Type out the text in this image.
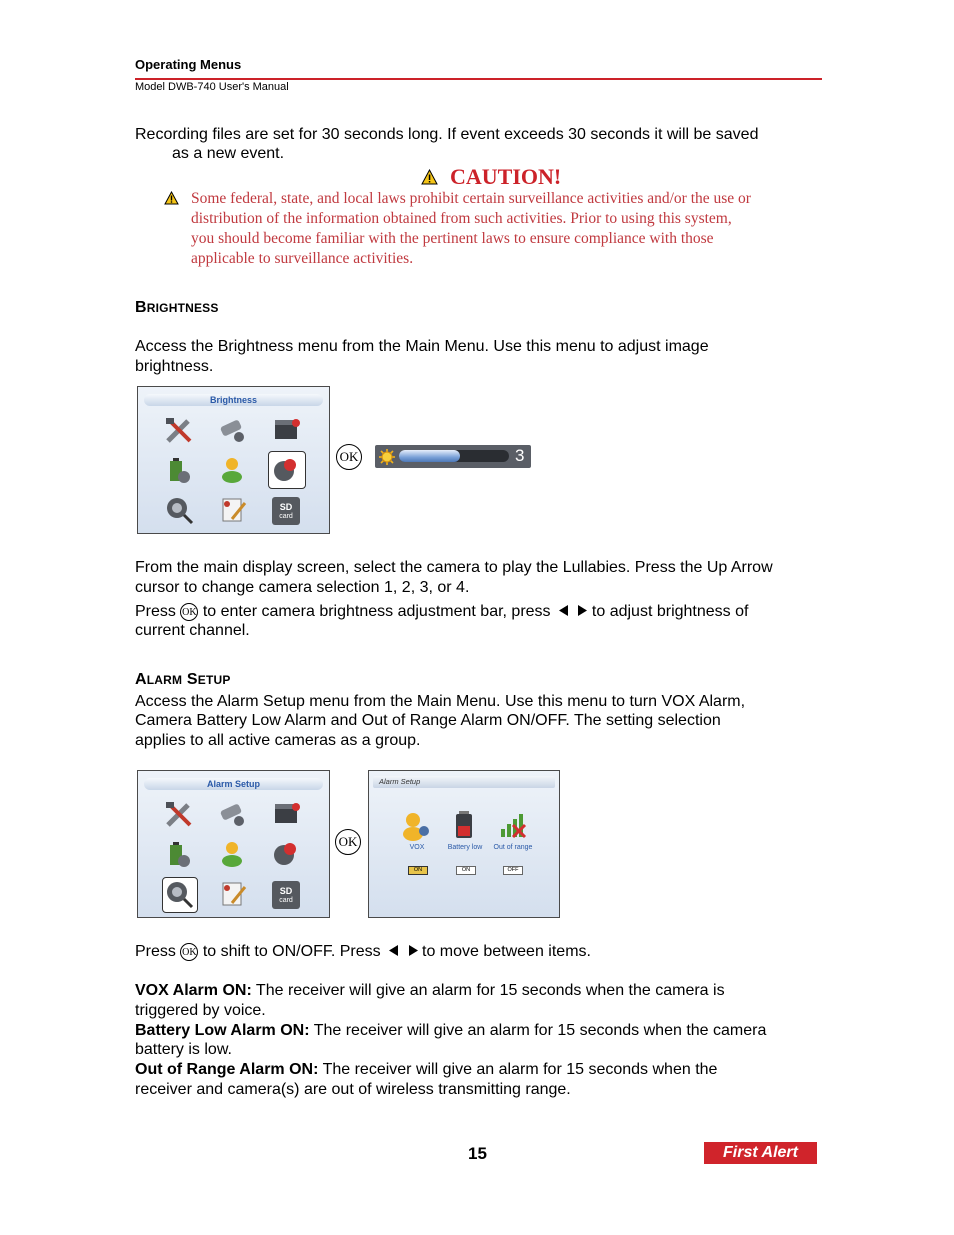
Operating Menus
Model DWB-740 User's Manual
Recording files are set for 30 seconds long. If event exceeds 30 seconds it will be saved
as a new event.
CAUTION!
Some federal, state, and local laws prohibit certain surveillance activities and/or the use or
distribution of the information obtained from such activities. Prior to using this system,
you should become familiar with the pertinent laws to ensure compliance with those
applicable to surveillance activities.
BRIGHTNESS
Access the Brightness menu from the Main Menu. Use this menu to adjust image
brightness.
Brightness
SD
card
OK	3
From the main display screen, select the camera to play the Lullabies. Press the Up Arrow
cursor to change camera selection 1, 2, 3, or 4.
Press OK to enter camera brightness adjustment bar, press	to adjust brightness of
current channel.
ALARM SETUP
Access the Alarm Setup menu from the Main Menu. Use this menu to turn VOX Alarm,
Camera Battery Low Alarm and Out of Range Alarm ON/OFF. The setting selection
applies to all active cameras as a group.
Alarm Setup
SD
card
OK
Alarm Setup
VOX	Battery low	Out of range
ON	ON	OFF
Press OK to shift to ON/OFF. Press	to move between items.
VOX Alarm ON: The receiver will give an alarm for 15 seconds when the camera is
triggered by voice.
Battery Low Alarm ON: The receiver will give an alarm for 15 seconds when the camera
battery is low.
Out of Range Alarm ON: The receiver will give an alarm for 15 seconds when the
receiver and camera(s) are out of wireless transmitting range.
15	First Alert
